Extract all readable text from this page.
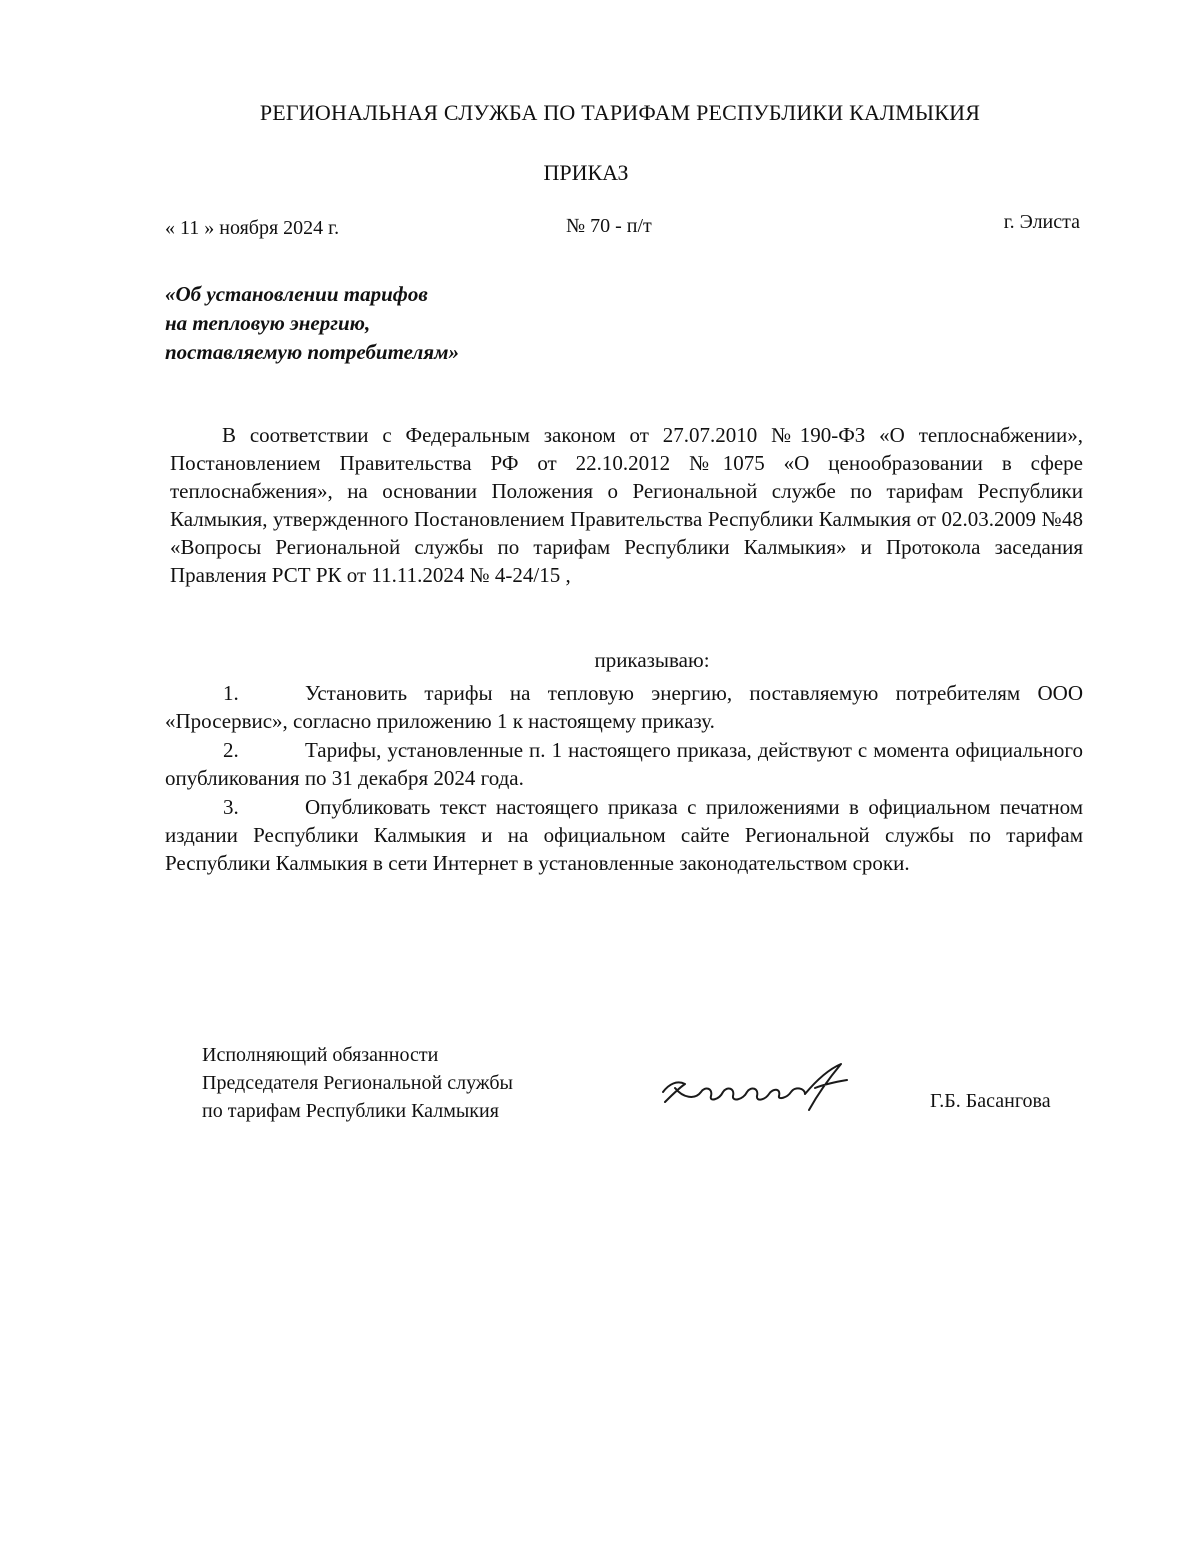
РЕГИОНАЛЬНАЯ СЛУЖБА ПО ТАРИФАМ РЕСПУБЛИКИ КАЛМЫКИЯ
ПРИКАЗ
« 11 » ноября 2024 г.	№ 70 - п/т	г. Элиста
«Об установлении тарифов
на тепловую энергию,
поставляемую потребителям»

В соответствии с Федеральным законом от 27.07.2010 №190-ФЗ «О теплоснабжении», Постановлением Правительства РФ от 22.10.2012 №1075 «О ценообразовании в сфере теплоснабжения», на основании Положения о Региональной службе по тарифам Республики Калмыкия, утвержденного Постановлением Правительства Республики Калмыкия от 02.03.2009 №48 «Вопросы Региональной службы по тарифам Республики Калмыкия» и Протокола заседания Правления РСТ РК от 11.11.2024 № 4-24/15 ,

приказываю:
1.	Установить тарифы на тепловую энергию, поставляемую потребителям ООО «Просервис», согласно приложению 1 к настоящему приказу.
2.	Тарифы, установленные п. 1 настоящего приказа, действуют с момента официального опубликования по 31 декабря 2024 года.
3.	Опубликовать текст настоящего приказа с приложениями в официальном печатном издании Республики Калмыкия и на официальном сайте Региональной службы по тарифам Республики Калмыкия в сети Интернет в установленные законодательством сроки.
Исполняющий обязанности
Председателя Региональной службы
по тарифам Республики Калмыкия	Г.Б. Басангова
